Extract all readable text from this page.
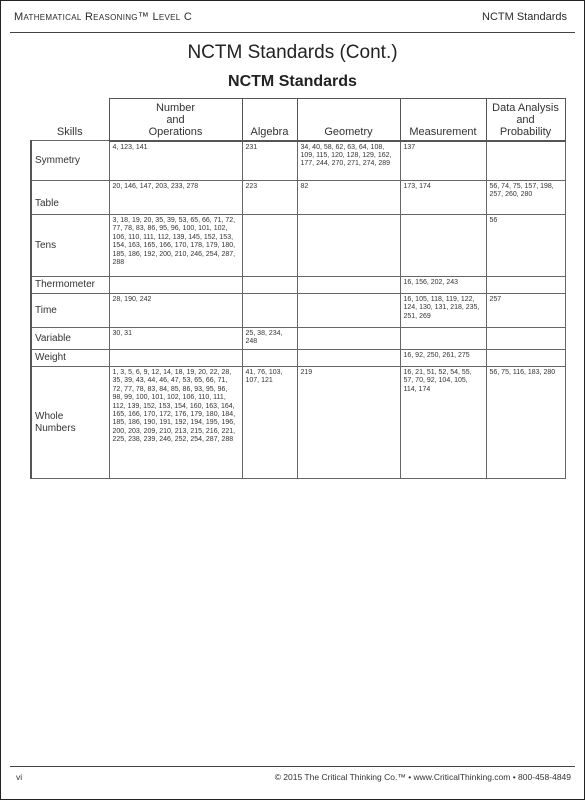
Mathematical Reasoning™ Level C	NCTM Standards
NCTM Standards (Cont.)
NCTM Standards
Skills	Number
and
Operations	Algebra	Geometry	Measurement	Data Analysis
and
Probability
Symmetry	4, 123, 141	231	34, 40, 58, 62, 63, 64, 108, 109, 115, 120, 128, 129, 162, 177, 244, 270, 271, 274, 289	137	
Table	20, 146, 147, 203, 233, 278	223	82	173, 174	56, 74, 75, 157, 198, 257, 260, 280
Tens	3, 18, 19, 20, 35, 39, 53, 65, 66, 71, 72, 77, 78, 83, 86, 95, 96, 100, 101, 102, 106, 110, 111, 112, 139, 145, 152, 153, 154, 163, 165, 166, 170, 178, 179, 180, 185, 186, 192, 200, 210, 246, 254, 287, 288				56
Thermometer				16, 156, 202, 243	
Time	28, 190, 242			16, 105, 118, 119, 122, 124, 130, 131, 218, 235, 251, 269	257
Variable	30, 31	25, 38, 234, 248			
Weight				16, 92, 250, 261, 275	
Whole
Numbers	1, 3, 5, 6, 9, 12, 14, 18, 19, 20, 22, 28, 35, 39, 43, 44, 46, 47, 53, 65, 66, 71, 72, 77, 78, 83, 84, 85, 86, 93, 95, 96, 98, 99, 100, 101, 102, 106, 110, 111, 112, 139, 152, 153, 154, 160, 163, 164, 165, 166, 170, 172, 176, 179, 180, 184, 185, 186, 190, 191, 192, 194, 195, 196, 200, 203, 209, 210, 213, 215, 216, 221, 225, 238, 239, 246, 252, 254, 287, 288	41, 76, 103, 107, 121	219	16, 21, 51, 52, 54, 55, 57, 70, 92, 104, 105, 114, 174	56, 75, 116, 183, 280
vi	© 2015 The Critical Thinking Co.™ • www.CriticalThinking.com • 800-458-4849
